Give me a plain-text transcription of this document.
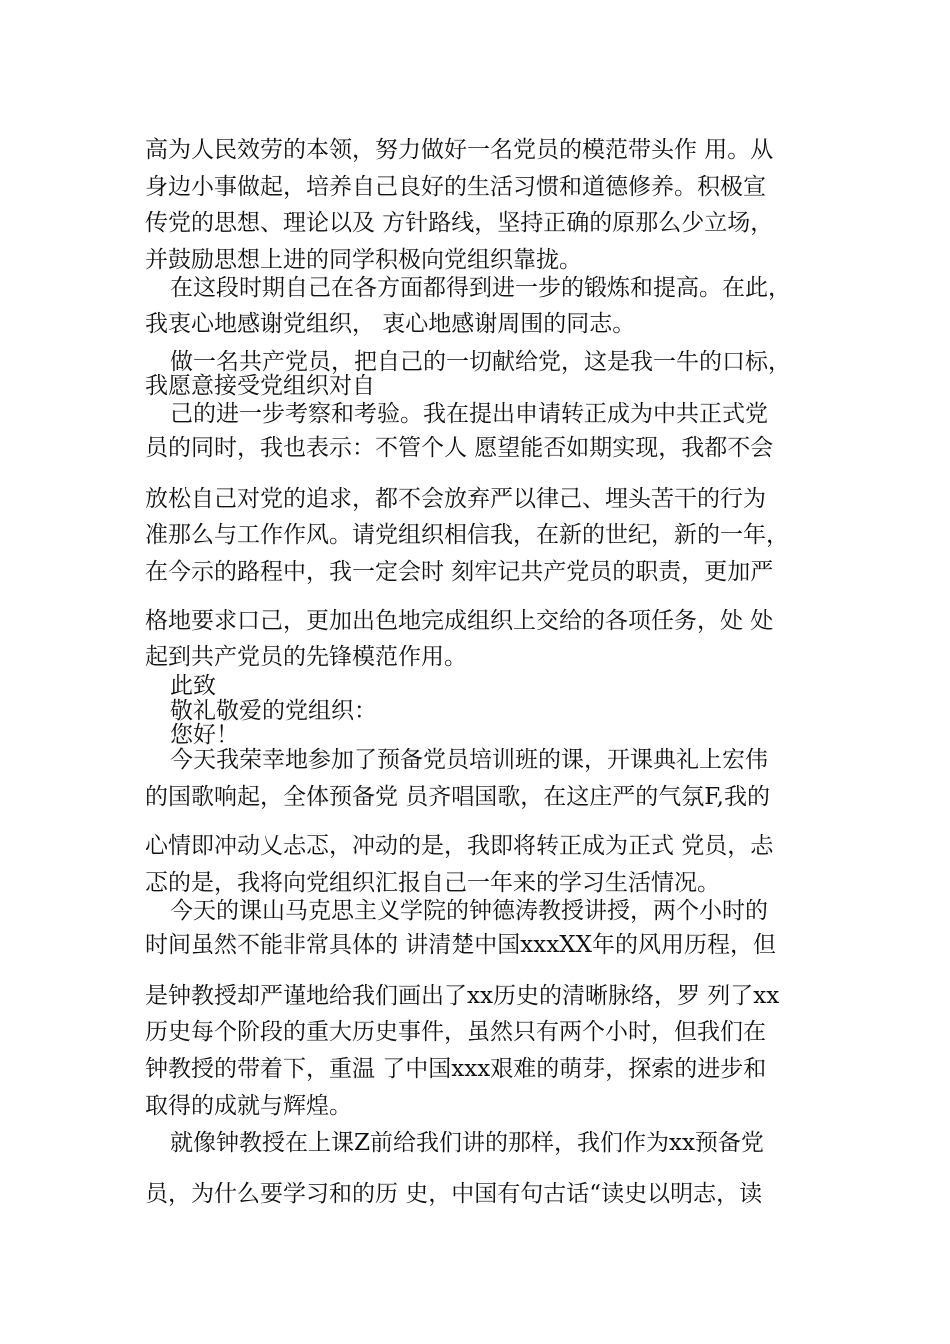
高为人民效劳的本领，努力做好一名党员的模范带头作 用。从
身边小事做起，培养自己良好的生活习惯和道德修养。积极宣
传党的思想、理论以及 方针路线，坚持正确的原那么少立场，
并鼓励思想上进的同学积极向党组织靠拢。
在这段时期自己在各方面都得到进一步的锻炼和提高。在此，
我衷心地感谢党组织， 衷心地感谢周围的同志。
做一名共产党员，把自己的一切献给党，这是我一牛的口标，
我愿意接受党组织对自
己的进一步考察和考验。我在提出申请转正成为中共正式党
员的同时，我也表示：不管个人 愿望能否如期实现，我都不会
放松自己对党的追求，都不会放弃严以律己、埋头苦干的行为
准那么与工作作风。请党组织相信我，在新的世纪，新的一年，
在今示的路程中，我一定会时 刻牢记共产党员的职责，更加严
格地要求口己，更加出色地完成组织上交给的各项任务，处 处
起到共产党员的先锋模范作用。
此致
敬礼敬爱的党组织：
您好！
今天我荣幸地参加了预备党员培训班的课，开课典礼上宏伟
的国歌响起，全体预备党 员齐唱国歌，在这庄严的气氛F,我的
心情即冲动乂忐忑，冲动的是，我即将转正成为正式 党员，忐
忑的是，我将向党组织汇报自己一年来的学习生活情况。
今天的课山马克思主义学院的钟德涛教授讲授，两个小时的
时间虽然不能非常具体的 讲清楚中国xxxXX年的风用历程，但
是钟教授却严谨地给我们画出了xx历史的清晰脉络，罗 列了xx
历史每个阶段的重大历史事件，虽然只有两个小时，但我们在
钟教授的带着下，重温 了中国xxx艰难的萌芽，探索的进步和
取得的成就与辉煌。
就像钟教授在上课Z前给我们讲的那样，我们作为xx预备党
员，为什么要学习和的历 史，中国有句古话“读史以明志，读
